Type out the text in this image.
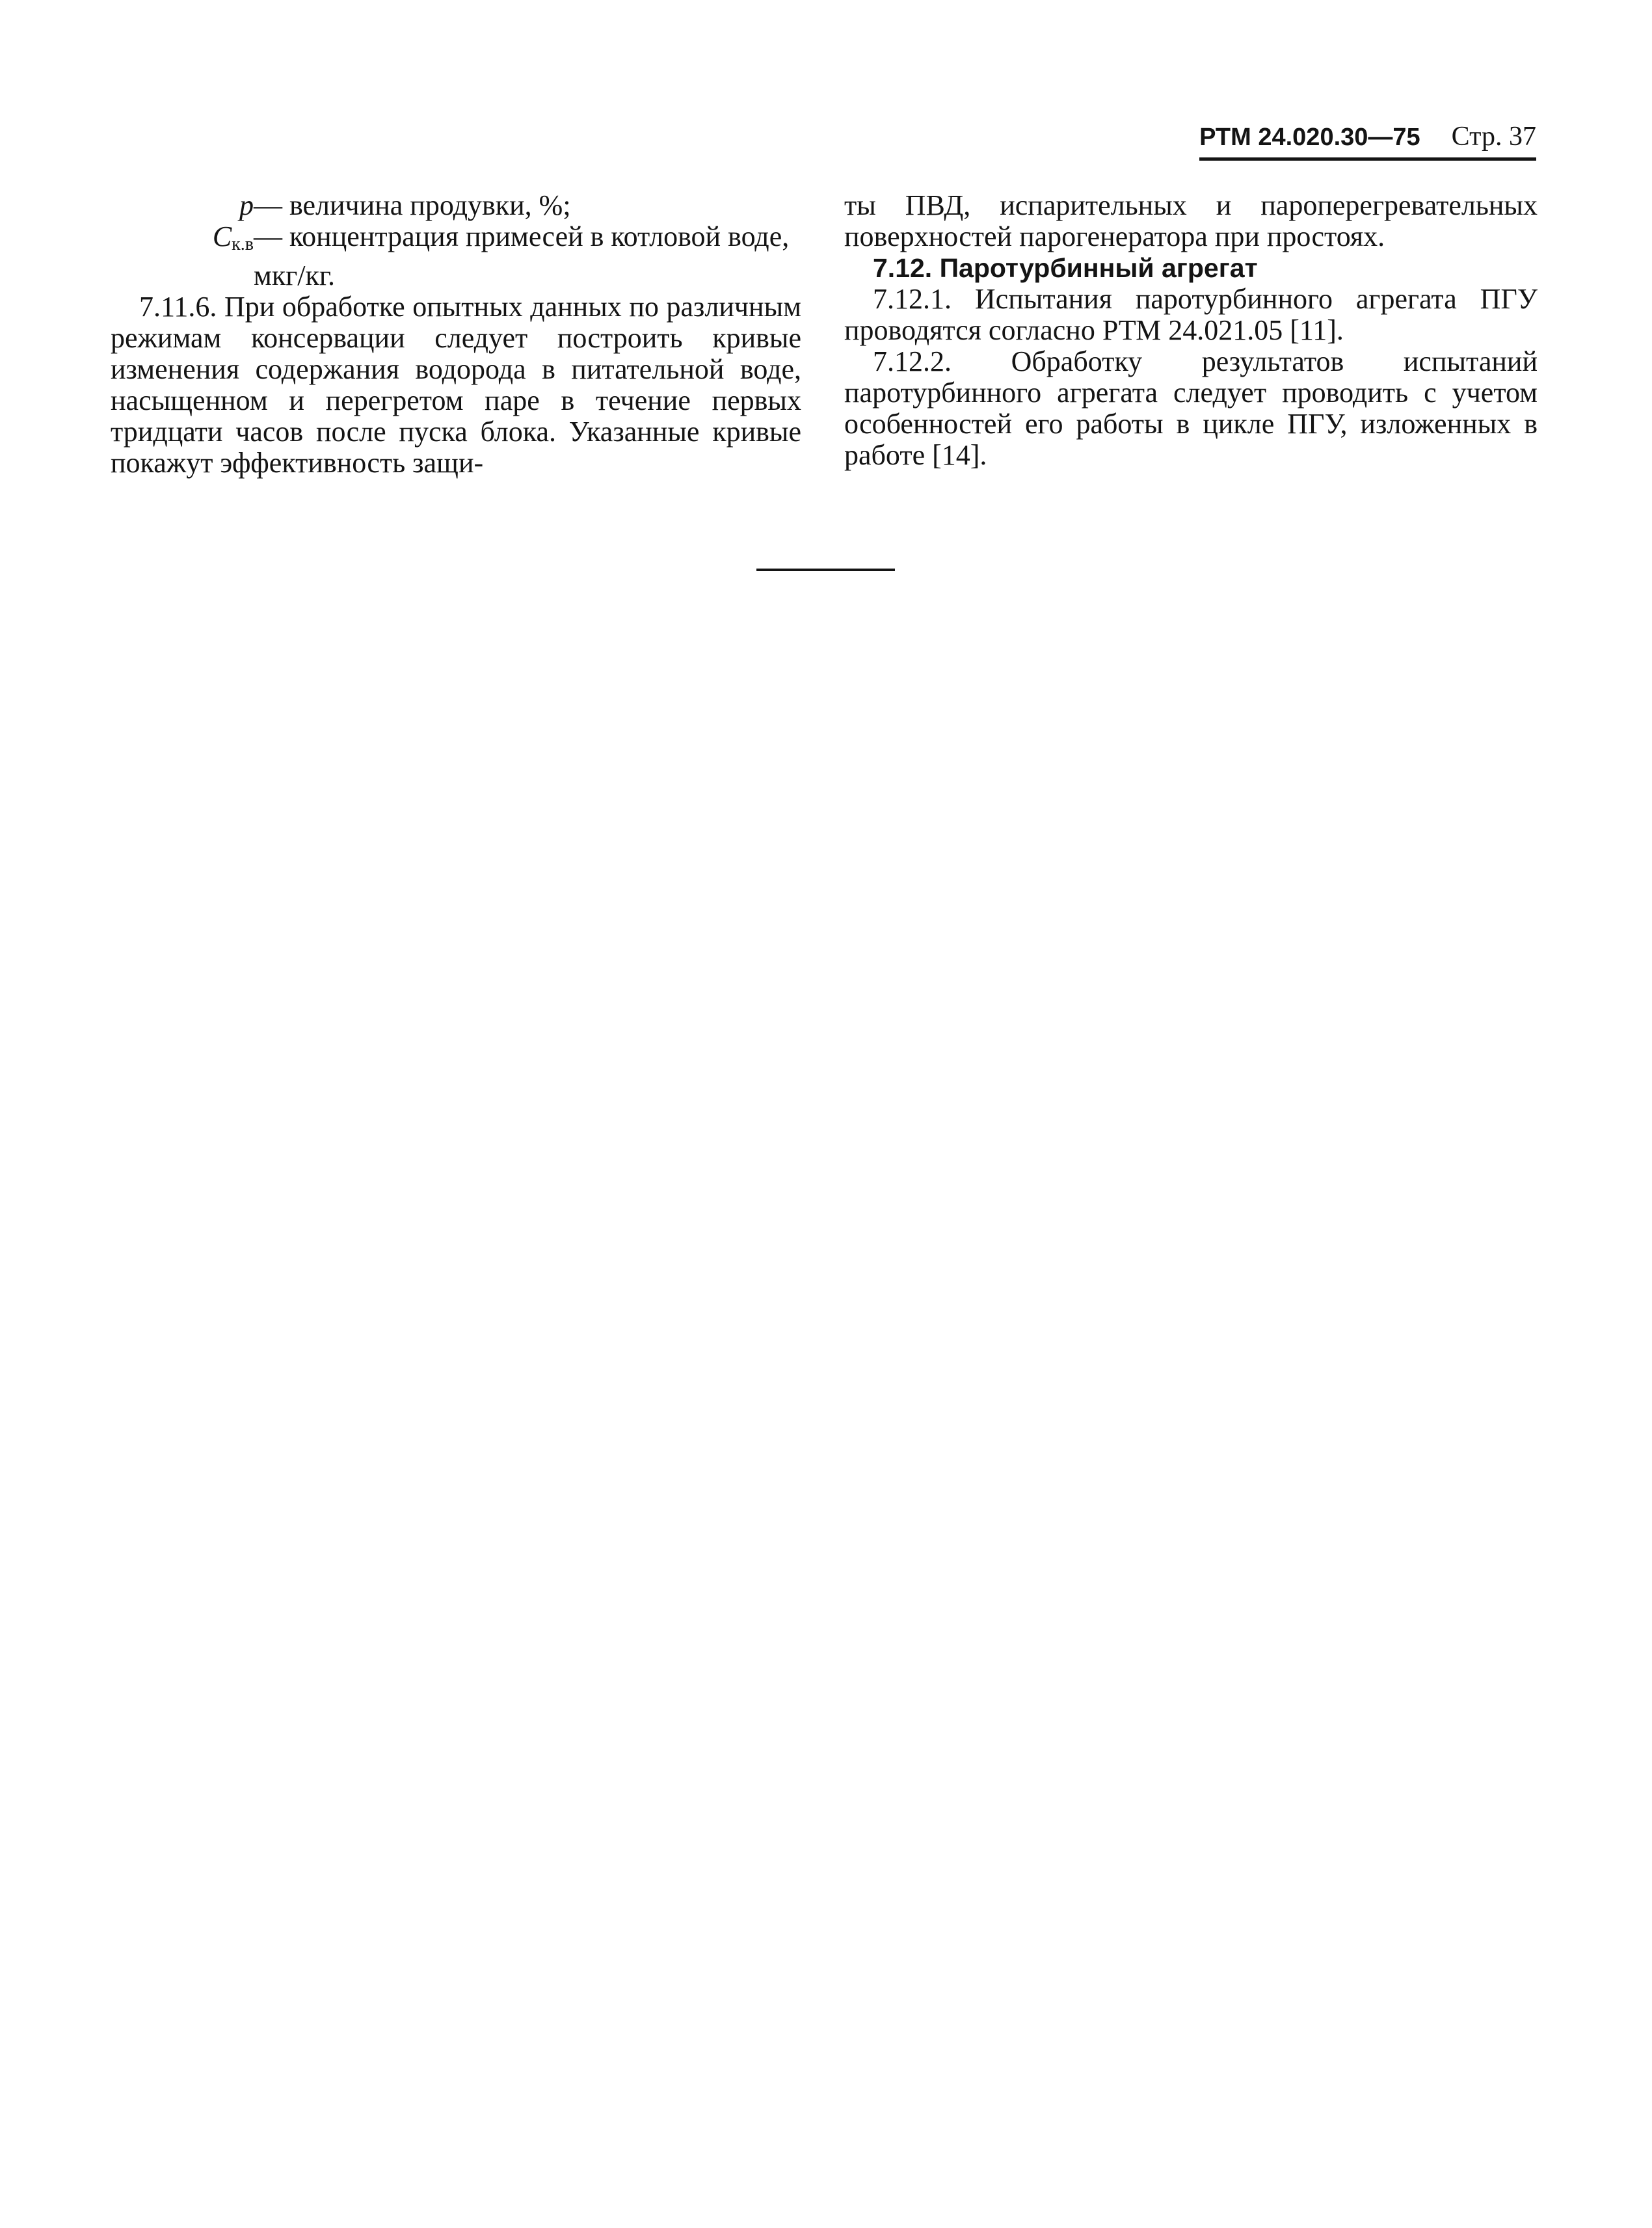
РТМ 24.020.30—75 Стр. 37
p — величина продувки, %;
$C_{к.в}$ — концентрация примесей в котловой воде,
мкг/кг.

7.11.6. При обработке опытных данных по различным режимам консервации следует построить кривые изменения содержания водорода в питательной воде, насыщенном и перегретом паре в течение первых тридцати часов после пуска блока. Указанные кривые покажут эффективность защи-

ты ПВД, испарительных и пароперегревательных поверхностей парогенератора при простоях.

7.12. Паротурбинный агрегат

7.12.1. Испытания паротурбинного агрегата ПГУ проводятся согласно РТМ 24.021.05 [11].

7.12.2. Обработку результатов испытаний паротурбинного агрегата следует проводить с учетом особенностей его работы в цикле ПГУ, изложенных в работе [14].
